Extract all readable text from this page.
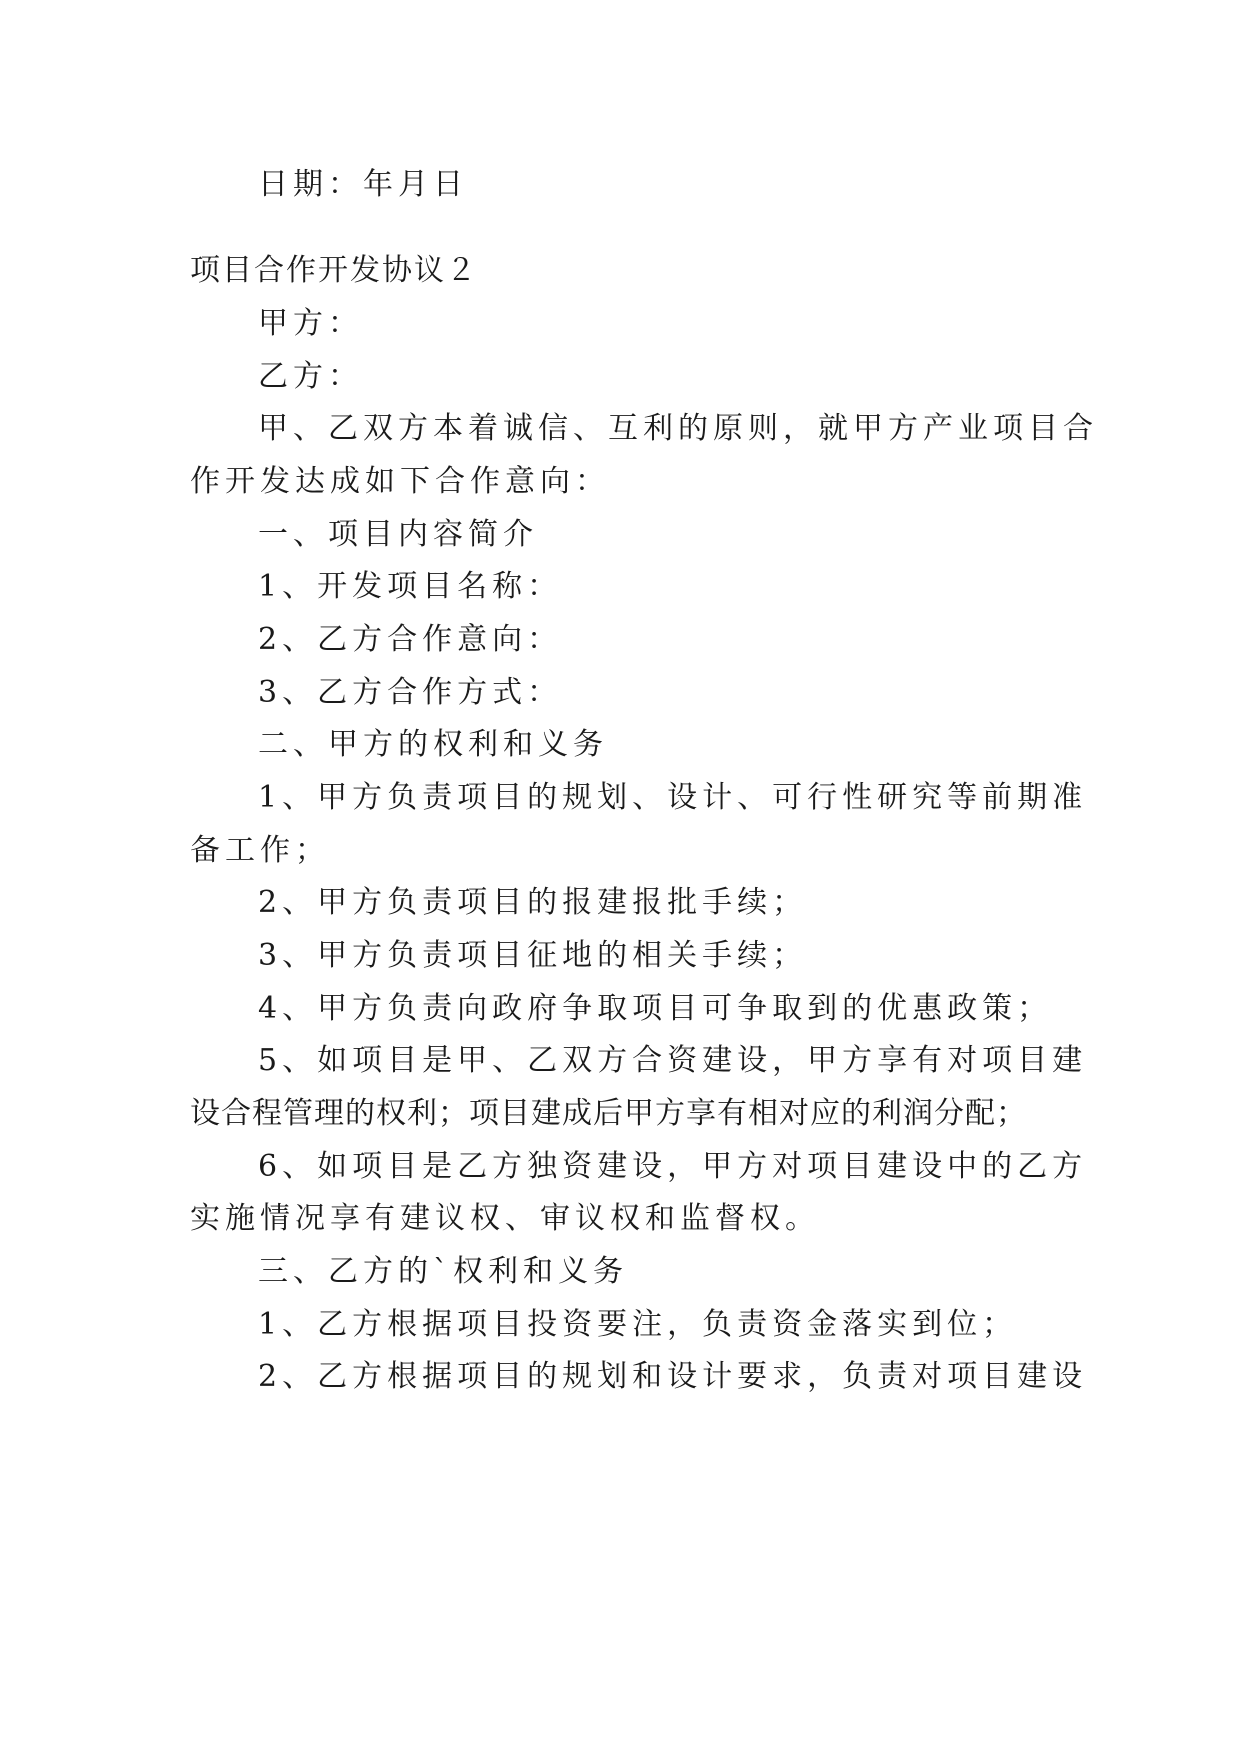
日期：年月日
项目合作开发协议２
甲方：
乙方：
甲、乙双方本着诚信、互利的原则，就甲方产业项目合
作开发达成如下合作意向：
一、项目内容简介
1、开发项目名称：
2、乙方合作意向：
3、乙方合作方式：
二、甲方的权利和义务
1、甲方负责项目的规划、设计、可行性研究等前期准
备工作；
2、甲方负责项目的报建报批手续；
3、甲方负责项目征地的相关手续；
4、甲方负责向政府争取项目可争取到的优惠政策；
5、如项目是甲、乙双方合资建设，甲方享有对项目建
设合程管理的权利；项目建成后甲方享有相对应的利润分配；
6、如项目是乙方独资建设，甲方对项目建设中的乙方
实施情况享有建议权、审议权和监督权。
三、乙方的`权利和义务
1、乙方根据项目投资要注，负责资金落实到位；
2、乙方根据项目的规划和设计要求，负责对项目建设
